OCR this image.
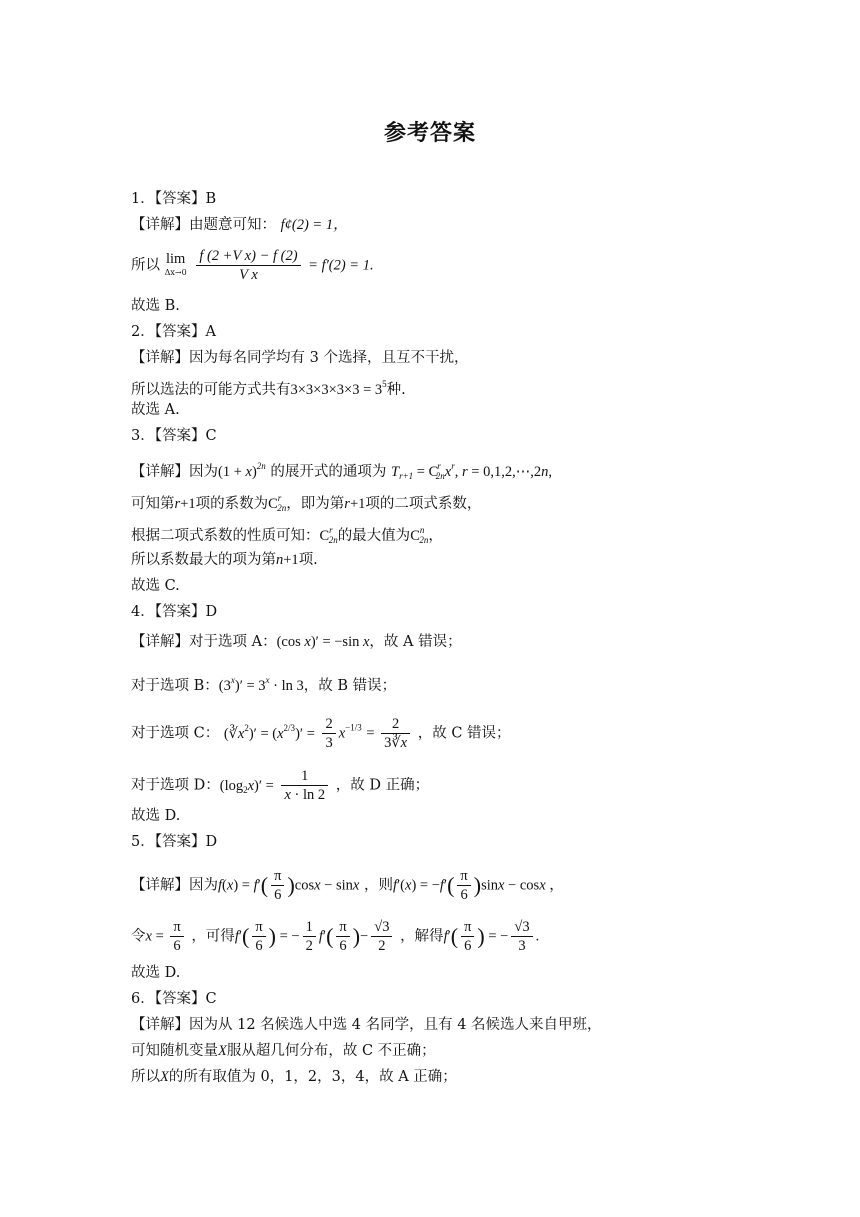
参考答案
1．【答案】B
【详解】由题意可知： f¢(2) = 1，
所以 lim
Δx→0
$\frac{\text{f (2 +V x) − f (2)}}{\text{V x}} = f'(2) = 1$.
故选 B.
2．【答案】A
【详解】因为每名同学均有 3 个选择，且互不干扰，
所以选法的可能方式共有$3\times 3\times 3\times 3\times 3 = 3^5$种.
故选 A.
3．【答案】C
【详解】因为$(1 + x)^{2n}$ 的展开式的通项为 $T_{r+1} = C^r_{2n}x^r$, r = 0,1,2,⋯,2n,
可知第r+1项的系数为$C^r_{2n}$，即为第r+1项的二项式系数，
根据二项式系数的性质可知：$C^r_{2n}$的最大值为$C^n_{2n}$，
所以系数最大的项为第n+1项.
故选 C.
4．【答案】D
【详解】对于选项 A：(cos x)′ = −sin x，故 A 错误；
对于选项 B：$(3^x)' = 3^x \cdot \ln 3$，故 B 错误；
对于选项 C： $(∛x^2)' = (x^{2/3})' = \frac{2}{3} x^{-1/3} = \frac{2}{3∛x}$ ，故 C 错误；
对于选项 D：$(\log_2x)' = \frac{1}{x \cdot \ln 2}$ ，故 D 正确；
故选 D.
5．【答案】D
【详解】因为$f(x) = f'( \frac{\pi}{6} )\cos x - \sin x$ ，则$f'(x) = -f'( \frac{\pi}{6} )\sin x - \cos x$ ，
令$x = \frac{\pi}{6}$ ，可得$f'( \frac{\pi}{6}$ ) = − $\frac{1}{2} f'( \frac{\pi}{6}$ )− $\frac{√3}{2}$ ，解得$f'( \frac{\pi}{6}$ ) = − $\frac{√3}{3}$ .
故选 D.
6．【答案】C
【详解】因为从 12 名候选人中选 4 名同学，且有 4 名候选人来自甲班，
可知随机变量X服从超几何分布，故 C 不正确；
所以X的所有取值为 0，1，2，3，4，故 A 正确；
